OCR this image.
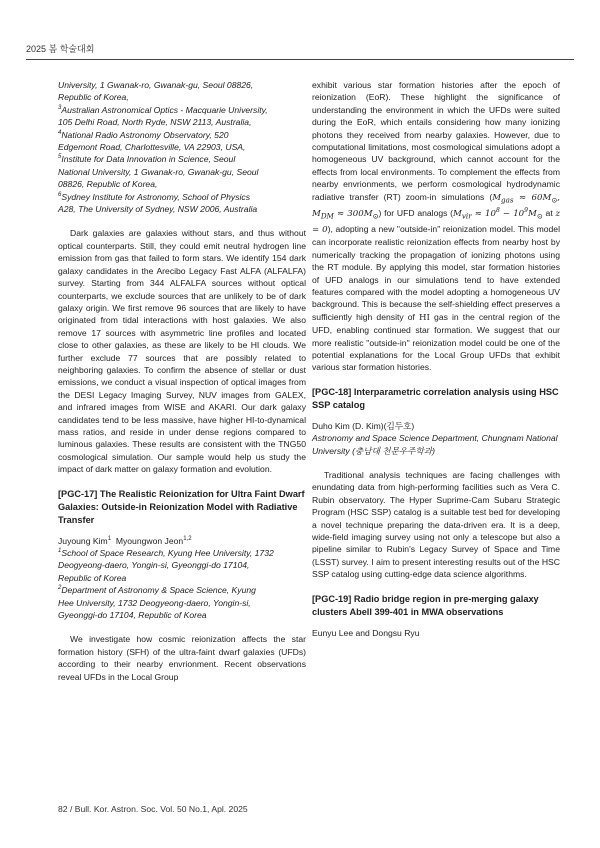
2025 봄 학술대회
University, 1 Gwanak-ro, Gwanak-gu, Seoul 08826,
Republic of Korea,
$^3$Australian Astronomical Optics - Macquarie University,
105 Delhi Road, North Ryde, NSW 2113, Australia,
$^4$National Radio Astronomy Observatory, 520
Edgemont Road, Charlottesville, VA 22903, USA,
$^5$Institute for Data Innovation in Science, Seoul
National University, 1 Gwanak-ro, Gwanak-gu, Seoul
08826, Republic of Korea,
$^6$Sydney Institute for Astronomy, School of Physics
A28, The University of Sydney, NSW 2006, Australia

Dark galaxies are galaxies without stars, and thus without optical counterparts. Still, they could emit neutral hydrogen line emission from gas that failed to form stars. We identify 154 dark galaxy candidates in the Arecibo Legacy Fast ALFA (ALFALFA) survey. Starting from 344 ALFALFA sources without optical counterparts, we exclude sources that are unlikely to be of dark galaxy origin. We first remove 96 sources that are likely to have originated from tidal interactions with host galaxies. We also remove 17 sources with asymmetric line profiles and located close to other galaxies, as these are likely to be HI clouds. We further exclude 77 sources that are possibly related to neighboring galaxies. To confirm the absence of stellar or dust emissions, we conduct a visual inspection of optical images from the DESI Legacy Imaging Survey, NUV images from GALEX, and infrared images from WISE and AKARI. Our dark galaxy candidates tend to be less massive, have higher HI-to-dynamical mass ratios, and reside in under dense regions compared to luminous galaxies. These results are consistent with the TNG50 cosmological simulation. Our sample would help us study the impact of dark matter on galaxy formation and evolution.

[PGC-17] The Realistic Reionization for Ultra Faint Dwarf Galaxies: Outside-in Reionization Model with Radiative Transfer

Juyoung Kim$^1$ Myoungwon Jeon$^{1,2}$

$^1$School of Space Research, Kyung Hee University, 1732
Deogyeong-daero, Yongin-si, Gyeonggi-do 17104,
Republic of Korea
$^2$Department of Astronomy & Space Science, Kyung
Hee University, 1732 Deogyeong-daero, Yongin-si,
Gyeonggi-do 17104, Republic of Korea

We investigate how cosmic reionization affects the star formation history (SFH) of the ultra-faint dwarf galaxies (UFDs) according to their nearby envrionment. Recent observations reveal UFDs in the Local Group

exhibit various star formation histories after the epoch of reionization (EoR). These highlight the significance of understanding the environment in which the UFDs were suited during the EoR, which entails considering how many ionizing photons they received from nearby galaxies. However, due to computational limitations, most cosmological simulations adopt a homogeneous UV background, which cannot account for the effects from local environments. To complement the effects from nearby envrionments, we perform cosmological hydrodynamic radiative transfer (RT) zoom-in simulations ($M_{gas} \approx 60M_⊙$, $M_{DM} \approx 300M_⊙$) for UFD analogs ($M_{vir} \approx 10^8 - 10^9M_⊙$ at z = 0), adopting a new "outside-in" reionization model. This model can incorporate realistic reionization effects from nearby host by numerically tracking the propagation of ionizing photons using the RT module. By applying this model, star formation histories of UFD analogs in our simulations tend to have extended features compared with the model adopting a homogeneous UV background. This is because the self-shielding effect preserves a sufficiently high density of HI gas in the central region of the UFD, enabling continued star formation. We suggest that our more realistic "outside-in" reionization model could be one of the potential explanations for the Local Group UFDs that exhibit various star formation histories.

[PGC-18] Interparametric correlation analysis using HSC SSP catalog

Duho Kim (D. Kim)(김두호)

Astronomy and Space Science Department, Chungnam National University (충남대 천문우주학과)

Traditional analysis techniques are facing challenges with enundating data from high-performing facilities such as Vera C. Rubin observatory. The Hyper Suprime-Cam Subaru Strategic Program (HSC SSP) catalog is a suitable test bed for developing a novel technique preparing the data-driven era. It is a deep, wide-field imaging survey using not only a telescope but also a pipeline similar to Rubin's Legacy Survey of Space and Time (LSST) survey. I aim to present interesting results out of the HSC SSP catalog using cutting-edge data science algorithms.

[PGC-19] Radio bridge region in pre-merging galaxy clusters Abell 399-401 in MWA observations

Eunyu Lee and Dongsu Ryu

82 / Bull. Kor. Astron. Soc. Vol. 50 No.1, Apl. 2025
